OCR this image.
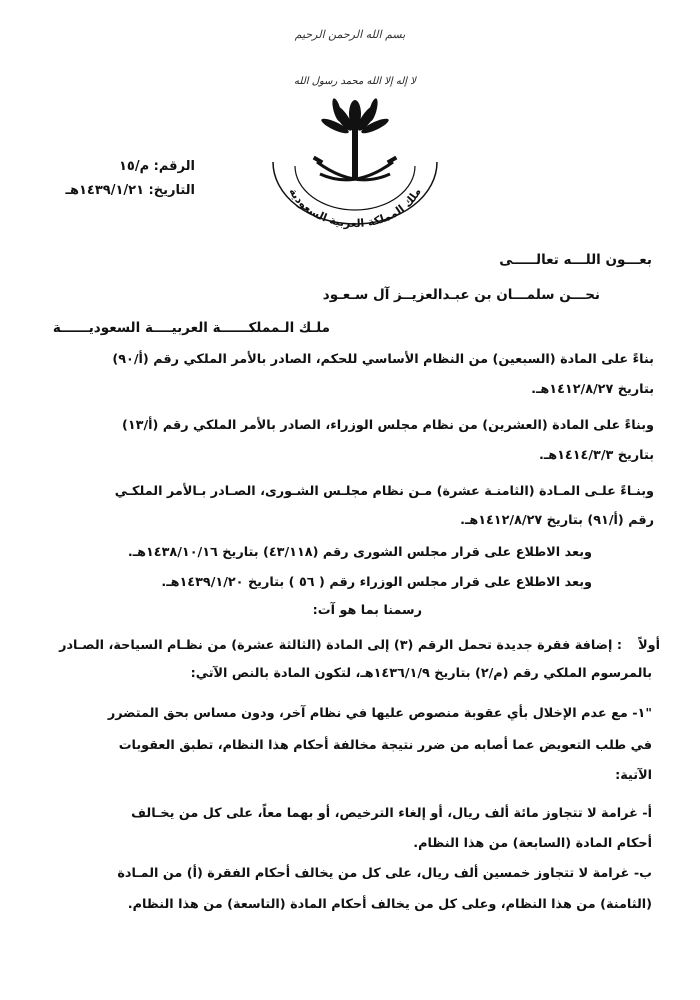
بسم الله الرحمن الرحيم
لا إله إلا الله محمد رسول الله
ملك المملكة العربية السعودية
الرقم: م/١٥
التاريخ: ١٤٣٩/١/٢١هـ
بعـــون اللـــه تعالـــــى
نحـــن سلمـــان بن عبـدالعزيــز آل سـعـود
ملـك الـمملكــــــة العربيــــة السعوديــــــة
بناءً على المادة (السبعين) من النظام الأساسي للحكم، الصادر بالأمر الملكي رقم (أ/٩٠)
بتاريخ ١٤١٢/٨/٢٧هـ.
وبناءً على المادة (العشرين) من نظام مجلس الوزراء، الصادر بالأمر الملكي رقم (أ/١٣)
بتاريخ ١٤١٤/٣/٣هـ.
وبنـاءً علـى المـادة (الثامنـة عشرة) مـن نظام مجلـس الشـورى، الصـادر بـالأمر الملكـي
رقم (أ/٩١) بتاريخ ١٤١٢/٨/٢٧هـ.
وبعد الاطلاع على قرار مجلس الشورى رقم (٤٣/١١٨) بتاريخ ١٤٣٨/١٠/١٦هـ.
وبعد الاطلاع على قرار مجلس الوزراء رقم ( ٥٦ ) بتاريخ ١٤٣٩/١/٢٠هـ.
رسمنا بما هو آت:
أولاً
: إضافة فقرة جديدة تحمل الرقم (٣) إلى المادة (الثالثة عشرة) من نظـام السياحة، الصـادر
بالمرسوم الملكي رقم (م/٢) بتاريخ ١٤٣٦/١/٩هـ، لتكون المادة بالنص الآتي:
"١- مع عدم الإخلال بأي عقوبة منصوص عليها في نظام آخر، ودون مساس بحق المتضرر
في طلب التعويض عما أصابه من ضرر نتيجة مخالفة أحكام هذا النظام، تطبق العقوبات
الآتية:
أ- غرامة لا تتجاوز مائة ألف ريال، أو إلغاء الترخيص، أو بهما معاً، على كل من يخـالف
أحكام المادة (السابعة) من هذا النظام.
ب- غرامة لا تتجاوز خمسين ألف ريال، على كل من يخالف أحكام الفقرة (أ) من المـادة
(الثامنة) من هذا النظام، وعلى كل من يخالف أحكام المادة (التاسعة) من هذا النظام.
